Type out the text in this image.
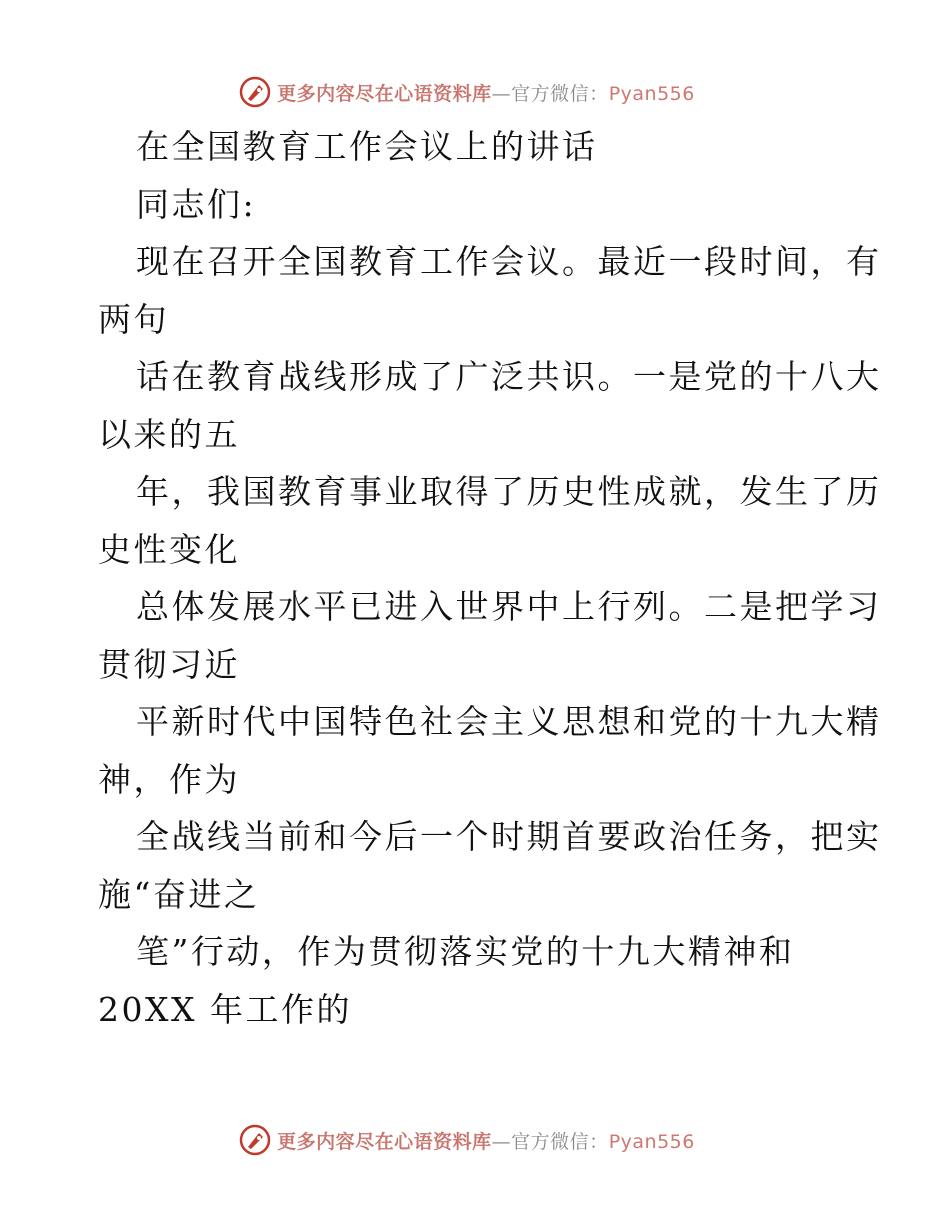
更多内容尽在心语资料库—官方微信：Pyan556
在全国教育工作会议上的讲话
同志们:
现在召开全国教育工作会议。最近一段时间，有
两句
话在教育战线形成了广泛共识。一是党的十八大
以来的五
年，我国教育事业取得了历史性成就，发生了历
史性变化
总体发展水平已进入世界中上行列。二是把学习
贯彻习近
平新时代中国特色社会主义思想和党的十九大精
神，作为
全战线当前和今后一个时期首要政治任务，把实
施“奋进之
笔”行动，作为贯彻落实党的十九大精神和
20XX 年工作的
更多内容尽在心语资料库—官方微信：Pyan556
